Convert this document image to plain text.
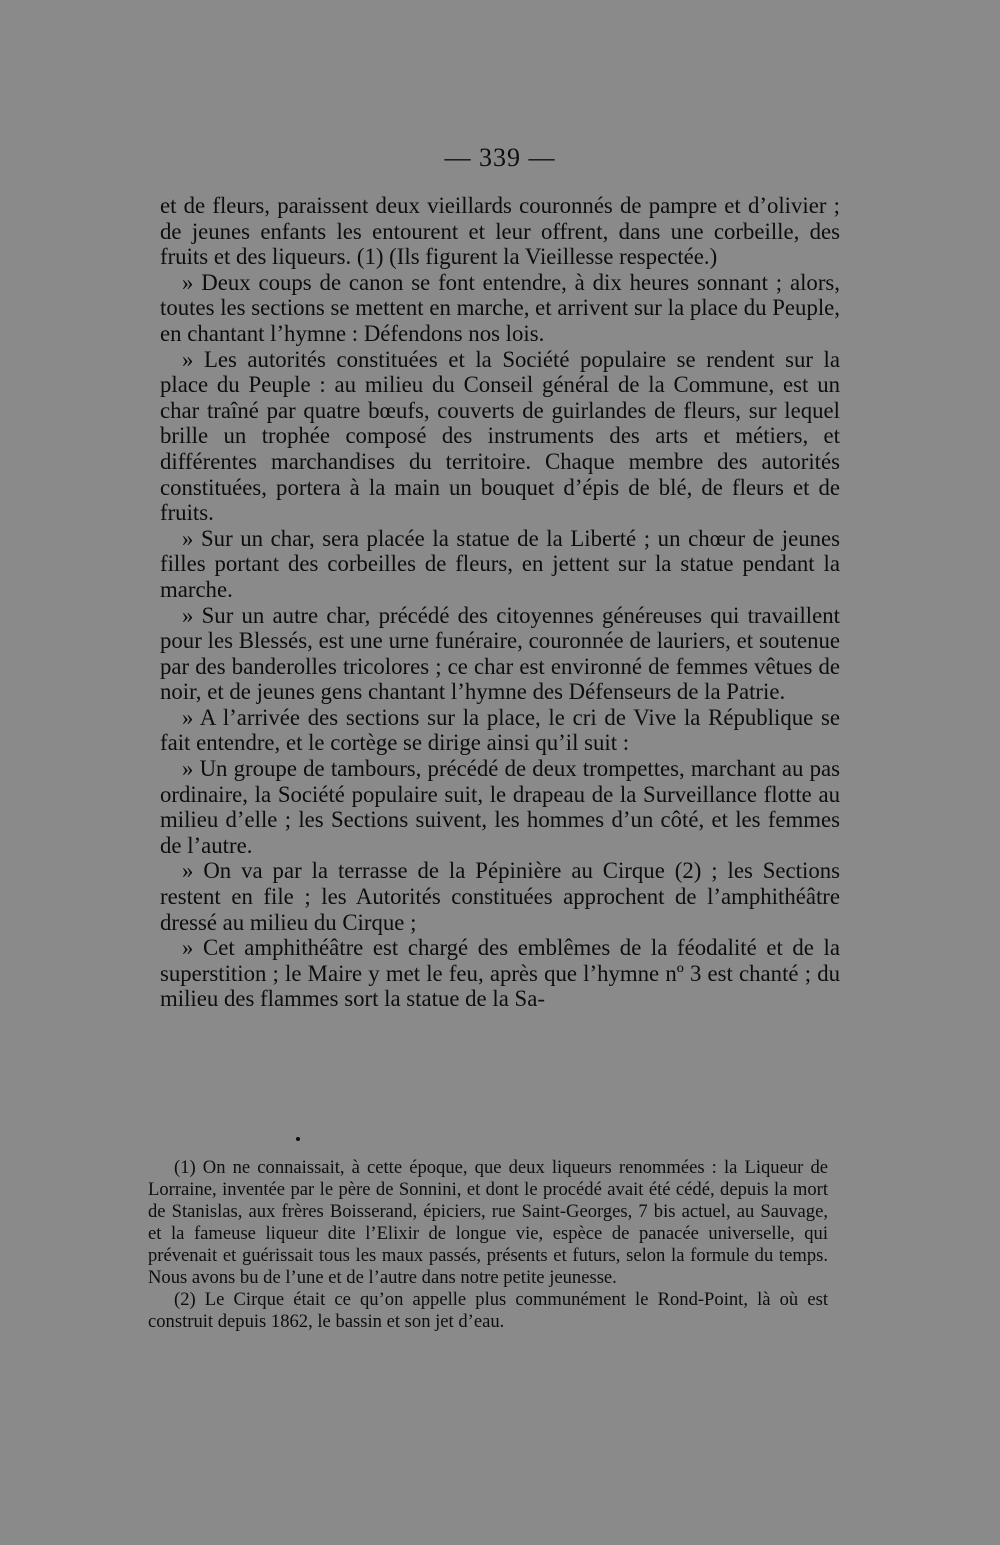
— 339 —

et de fleurs, paraissent deux vieillards couronnés de pampre et d’olivier ; de jeunes enfants les entourent et leur offrent, dans une corbeille, des fruits et des liqueurs. (1) (Ils figurent la Vieillesse respectée.)

» Deux coups de canon se font entendre, à dix heures sonnant ; alors, toutes les sections se mettent en marche, et arrivent sur la place du Peuple, en chantant l’hymne : Défendons nos lois.

» Les autorités constituées et la Société populaire se rendent sur la place du Peuple : au milieu du Conseil général de la Commune, est un char traîné par quatre bœufs, couverts de guirlandes de fleurs, sur lequel brille un trophée composé des instruments des arts et métiers, et différentes marchandises du territoire. Chaque membre des autorités constituées, portera à la main un bouquet d’épis de blé, de fleurs et de fruits.

» Sur un char, sera placée la statue de la Liberté ; un chœur de jeunes filles portant des corbeilles de fleurs, en jettent sur la statue pendant la marche.

» Sur un autre char, précédé des citoyennes généreuses qui travaillent pour les Blessés, est une urne funéraire, couronnée de lauriers, et soutenue par des banderolles tricolores ; ce char est environné de femmes vêtues de noir, et de jeunes gens chantant l’hymne des Défenseurs de la Patrie.

» A l’arrivée des sections sur la place, le cri de Vive la République se fait entendre, et le cortège se dirige ainsi qu’il suit :

» Un groupe de tambours, précédé de deux trompettes, marchant au pas ordinaire, la Société populaire suit, le drapeau de la Surveillance flotte au milieu d’elle ; les Sections suivent, les hommes d’un côté, et les femmes de l’autre.

» On va par la terrasse de la Pépinière au Cirque (2) ; les Sections restent en file ; les Autorités constituées approchent de l’amphithéâtre dressé au milieu du Cirque ;

» Cet amphithéâtre est chargé des emblêmes de la féodalité et de la superstition ; le Maire y met le feu, après que l’hymne nº 3 est chanté ; du milieu des flammes sort la statue de la Sa-

(1) On ne connaissait, à cette époque, que deux liqueurs renommées : la Liqueur de Lorraine, inventée par le père de Sonnini, et dont le procédé avait été cédé, depuis la mort de Stanislas, aux frères Boisserand, épiciers, rue Saint-Georges, 7 bis actuel, au Sauvage, et la fameuse liqueur dite l’Elixir de longue vie, espèce de panacée universelle, qui prévenait et guérissait tous les maux passés, présents et futurs, selon la formule du temps. Nous avons bu de l’une et de l’autre dans notre petite jeunesse.

(2) Le Cirque était ce qu’on appelle plus communément le Rond-Point, là où est construit depuis 1862, le bassin et son jet d’eau.
